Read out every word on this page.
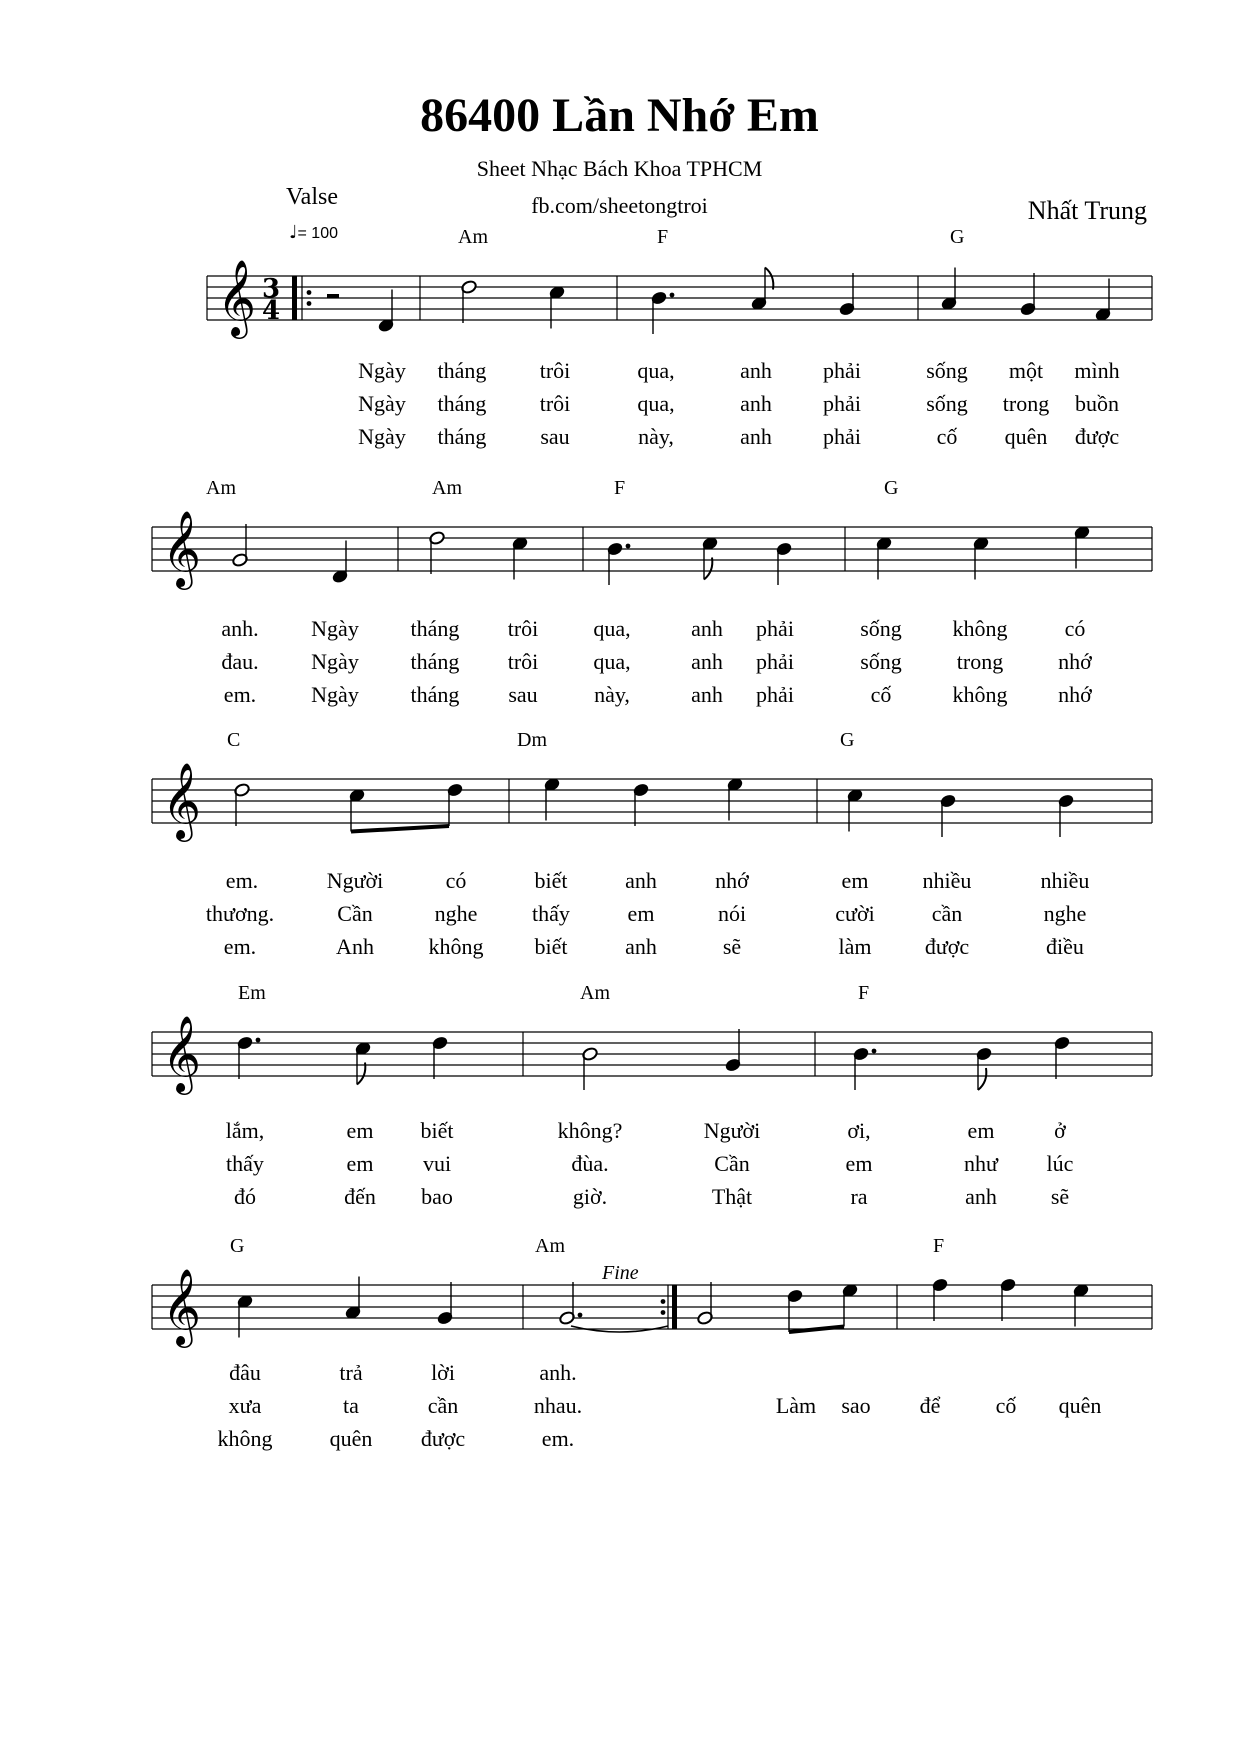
86400 Lần Nhớ Em
Sheet Nhạc Bách Khoa TPHCM
fb.com/sheetongtroi
Valse
♩= 100
Nhất Trung
𝄞 3
4
𝄞
𝄞
𝄞
𝄞
Am	F	G
Ngày tháng trôi	qua,	anh phải	sống một mình
Ngày tháng trôi	qua,	anh phải	sống trong buồn
Ngày tháng sau	này,	anh phải	cố quên được
Am	Am	F	G
anh. Ngày tháng trôi	qua,	anh phải	sống không	có
đau. Ngày tháng trôi	qua,	anh phải	sống trong nhớ
em. Ngày tháng sau	này,	anh phải	cố	không nhớ
C	Dm	G
em.	Người	có	biết	anh	nhớ	em nhiều	nhiều
thương.	Cần	nghe thấy	em	nói	cười	cần	nghe
em.	Anh không biết	anh	sẽ	làm được	điều
Em	Am	F
lắm,	em biết	không?	Người	ơi,	em	ở
thấy	em vui	đùa.	Cần	em	như lúc
đó	đến bao	giờ.	Thật	ra	anh sẽ
Fine
G	Am	F
đâu	trả	lời	anh.
xưa	ta	cần	nhau.	Làm sao để	cố quên
không	quên được	em.
